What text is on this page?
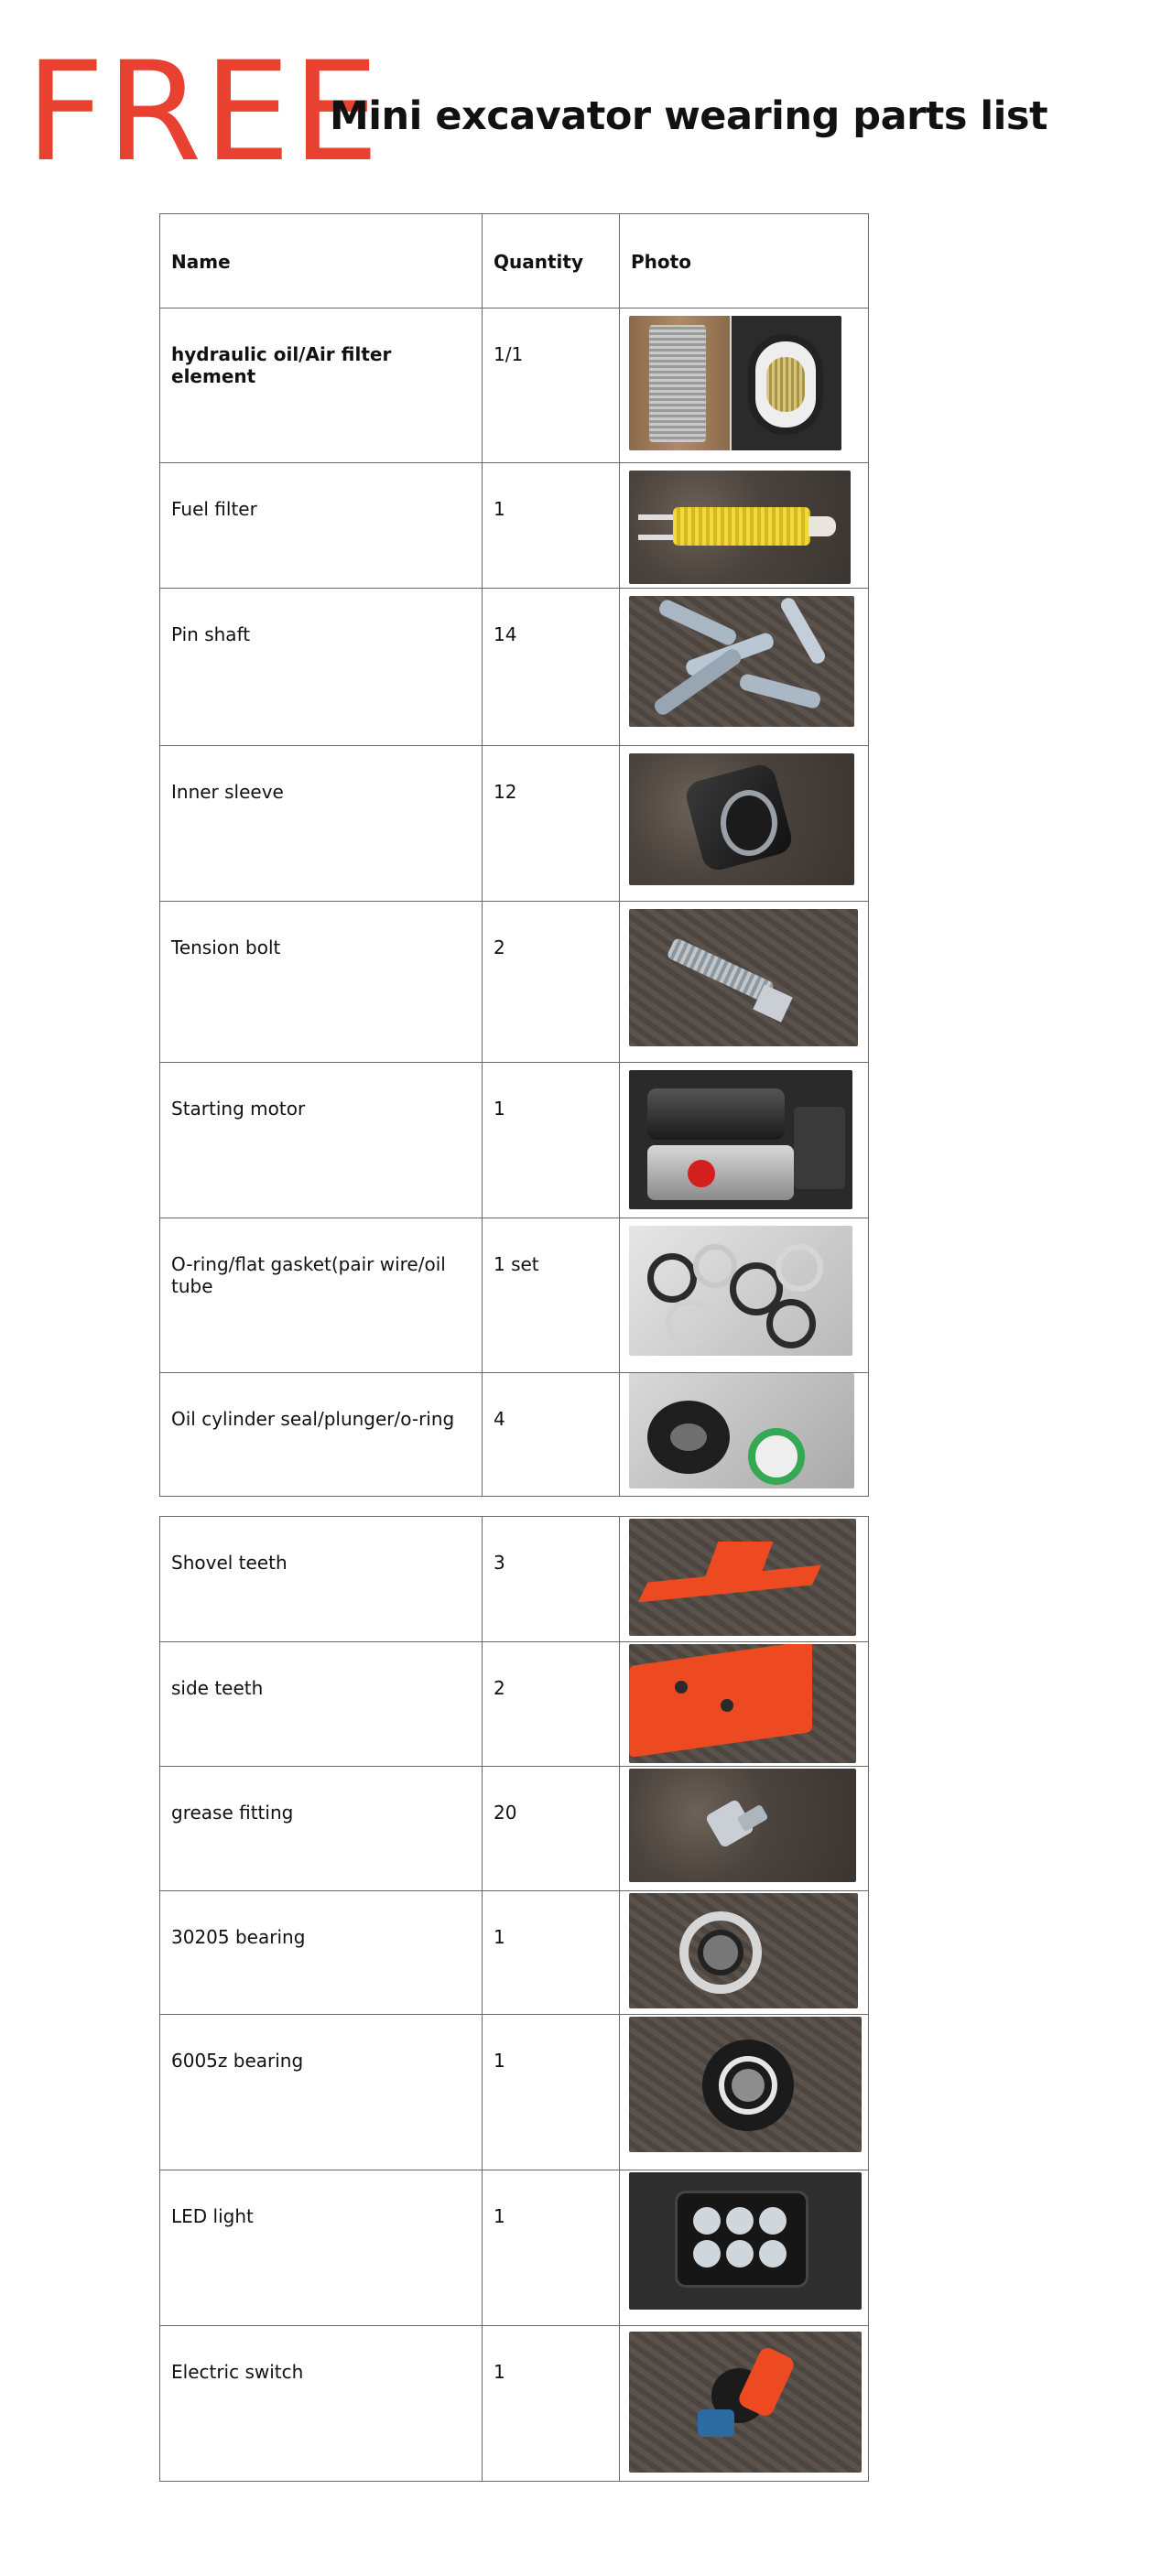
FREE
Mini excavator wearing parts list
Name	Quantity	Photo

hydraulic oil/Air filter element	1/1	

Fuel filter	1	

Pin shaft	14	

Inner sleeve	12	

Tension bolt	2	

Starting motor	1	

O-ring/flat gasket(pair wire/oil tube	1 set	

Oil cylinder seal/plunger/o-ring	4	

Shovel teeth	3	

side teeth	2	

grease fitting	20	

30205 bearing	1	

6005z bearing	1	

LED light	1	

Electric switch	1	
